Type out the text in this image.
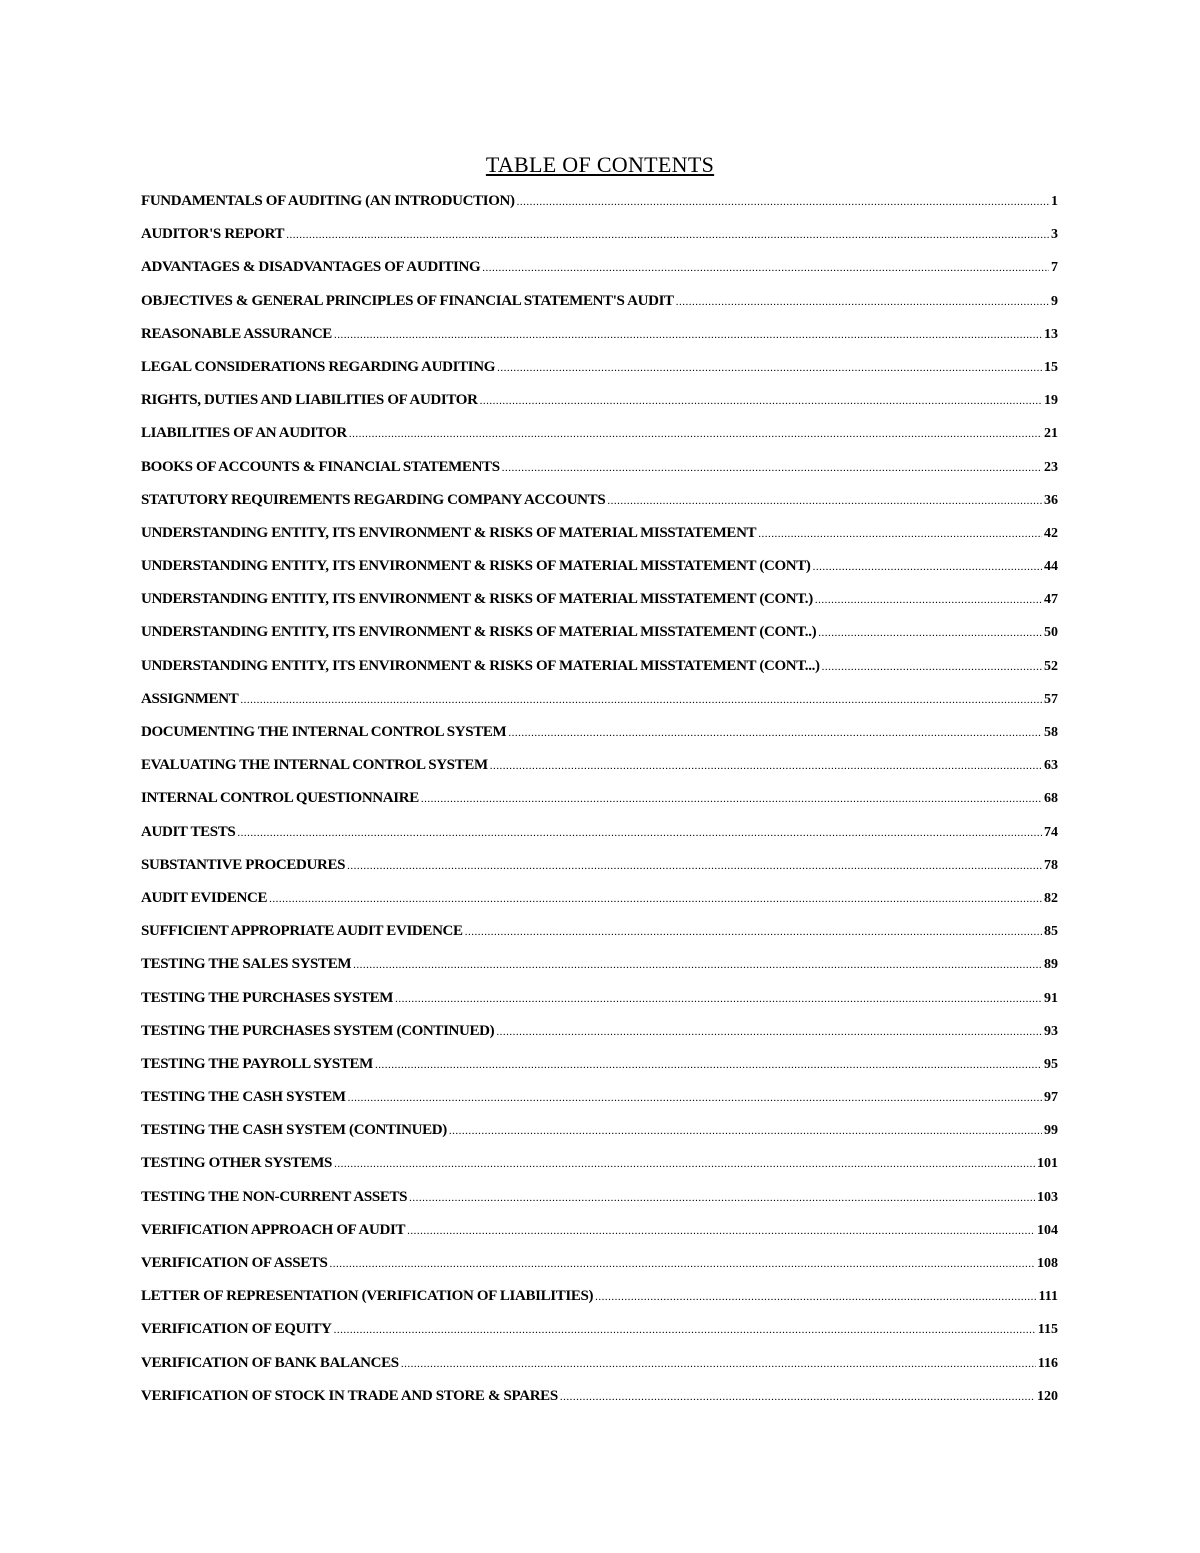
TABLE OF CONTENTS
FUNDAMENTALS OF AUDITING (AN INTRODUCTION) .....	1
AUDITOR'S REPORT .....	3
ADVANTAGES & DISADVANTAGES OF AUDITING .....	7
OBJECTIVES & GENERAL PRINCIPLES OF FINANCIAL STATEMENT'S AUDIT .....	9
REASONABLE ASSURANCE .....	13
LEGAL CONSIDERATIONS REGARDING AUDITING .....	15
RIGHTS, DUTIES AND LIABILITIES OF AUDITOR .....	19
LIABILITIES OF AN AUDITOR .....	21
BOOKS OF ACCOUNTS & FINANCIAL STATEMENTS .....	23
STATUTORY REQUIREMENTS REGARDING COMPANY ACCOUNTS .....	36
UNDERSTANDING ENTITY, ITS ENVIRONMENT & RISKS OF MATERIAL MISSTATEMENT .....	42
UNDERSTANDING ENTITY, ITS ENVIRONMENT & RISKS OF MATERIAL MISSTATEMENT (CONT) .....	44
UNDERSTANDING ENTITY, ITS ENVIRONMENT & RISKS OF MATERIAL MISSTATEMENT (CONT.) .....	47
UNDERSTANDING ENTITY, ITS ENVIRONMENT & RISKS OF MATERIAL MISSTATEMENT (CONT..) .....	50
UNDERSTANDING ENTITY, ITS ENVIRONMENT & RISKS OF MATERIAL MISSTATEMENT (CONT...) .....	52
ASSIGNMENT .....	57
DOCUMENTING THE INTERNAL CONTROL SYSTEM .....	58
EVALUATING THE INTERNAL CONTROL SYSTEM .....	63
INTERNAL CONTROL QUESTIONNAIRE .....	68
AUDIT TESTS .....	74
SUBSTANTIVE PROCEDURES .....	78
AUDIT EVIDENCE .....	82
SUFFICIENT APPROPRIATE AUDIT EVIDENCE .....	85
TESTING THE SALES SYSTEM .....	89
TESTING THE PURCHASES SYSTEM .....	91
TESTING THE PURCHASES SYSTEM (CONTINUED) .....	93
TESTING THE PAYROLL SYSTEM .....	95
TESTING THE CASH SYSTEM .....	97
TESTING THE CASH SYSTEM (CONTINUED) .....	99
TESTING OTHER SYSTEMS .....	101
TESTING THE NON-CURRENT ASSETS .....	103
VERIFICATION APPROACH OF AUDIT .....	104
VERIFICATION OF ASSETS .....	108
LETTER OF REPRESENTATION (VERIFICATION OF LIABILITIES) .....	111
VERIFICATION OF EQUITY .....	115
VERIFICATION OF BANK BALANCES .....	116
VERIFICATION OF STOCK IN TRADE AND STORE & SPARES .....	120
